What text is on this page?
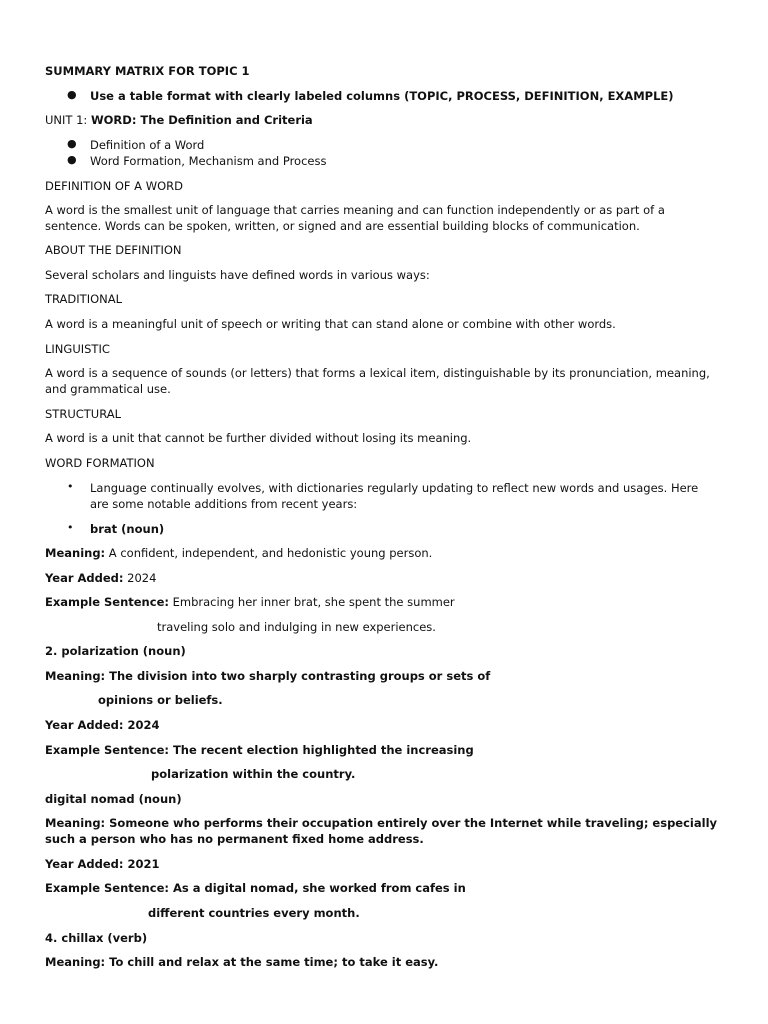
SUMMARY MATRIX FOR TOPIC 1
● Use a table format with clearly labeled columns (TOPIC, PROCESS, DEFINITION, EXAMPLE)
UNIT 1: WORD: The Definition and Criteria
● Definition of a Word
● Word Formation, Mechanism and Process
DEFINITION OF A WORD
A word is the smallest unit of language that carries meaning and can function independently or as part of a sentence. Words can be spoken, written, or signed and are essential building blocks of communication.
ABOUT THE DEFINITION
Several scholars and linguists have defined words in various ways:
TRADITIONAL
A word is a meaningful unit of speech or writing that can stand alone or combine with other words.
LINGUISTIC
A word is a sequence of sounds (or letters) that forms a lexical item, distinguishable by its pronunciation, meaning, and grammatical use.
STRUCTURAL
A word is a unit that cannot be further divided without losing its meaning.
WORD FORMATION
• Language continually evolves, with dictionaries regularly updating to reflect new words and usages. Here are some notable additions from recent years:
• brat (noun)
Meaning: A confident, independent, and hedonistic young person.
Year Added: 2024
Example Sentence: Embracing her inner brat, she spent the summer
traveling solo and indulging in new experiences.
2. polarization (noun)
Meaning: The division into two sharply contrasting groups or sets of
opinions or beliefs.
Year Added: 2024
Example Sentence: The recent election highlighted the increasing
polarization within the country.
digital nomad (noun)
Meaning: Someone who performs their occupation entirely over the Internet while traveling; especially such a person who has no permanent fixed home address.
Year Added: 2021
Example Sentence: As a digital nomad, she worked from cafes in
different countries every month.
4. chillax (verb)
Meaning: To chill and relax at the same time; to take it easy.
